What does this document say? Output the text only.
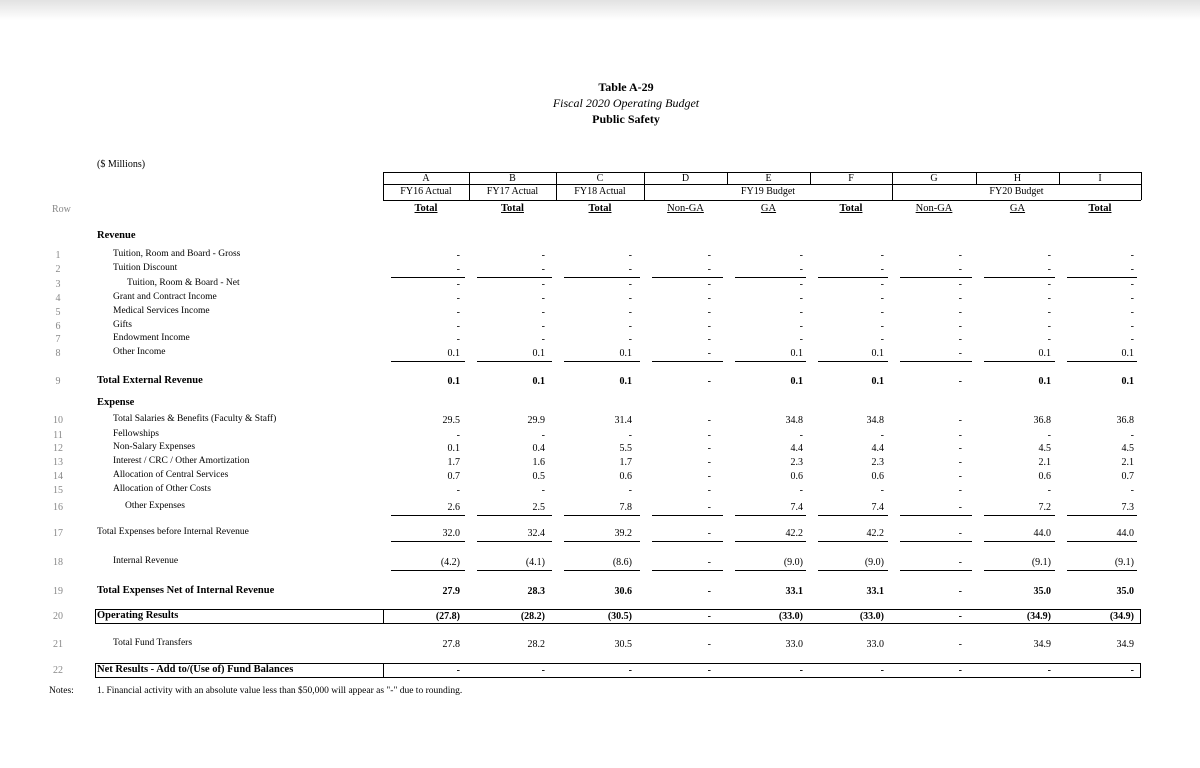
Table A-29
Fiscal 2020 Operating Budget
Public Safety
($ Millions)
Row
A	B	C	D	E	F	G	H	I
FY16 Actual	FY17 Actual	FY18 Actual	FY19 Budget	FY20 Budget
Total	Total	Total	Non-GA	GA	Total	Non-GA	GA	Total
Revenue
Expense
1	Tuition, Room and Board - Gross	-	-	-	-	-	-	-	-	-
2	Tuition Discount	-	-	-	-	-	-	-	-	-
3	Tuition, Room & Board - Net	-	-	-	-	-	-	-	-	-
4	Grant and Contract Income	-	-	-	-	-	-	-	-	-
5	Medical Services Income	-	-	-	-	-	-	-	-	-
6	Gifts	-	-	-	-	-	-	-	-	-
7	Endowment Income	-	-	-	-	-	-	-	-	-
8	Other Income	0.1	0.1	0.1	-	0.1	0.1	-	0.1	0.1
9	Total External Revenue	0.1	0.1	0.1	-	0.1	0.1	-	0.1	0.1
10	Total Salaries & Benefits (Faculty & Staff)	29.5	29.9	31.4	-	34.8	34.8	-	36.8	36.8
11	Fellowships	-	-	-	-	-	-	-	-	-
12	Non-Salary Expenses	0.1	0.4	5.5	-	4.4	4.4	-	4.5	4.5
13	Interest / CRC / Other Amortization	1.7	1.6	1.7	-	2.3	2.3	-	2.1	2.1
14	Allocation of Central Services	0.7	0.5	0.6	-	0.6	0.6	-	0.6	0.7
15	Allocation of Other Costs	-	-	-	-	-	-	-	-	-
16	Other Expenses	2.6	2.5	7.8	-	7.4	7.4	-	7.2	7.3
17	Total Expenses before Internal Revenue	32.0	32.4	39.2	-	42.2	42.2	-	44.0	44.0
18	Internal Revenue	(4.2)	(4.1)	(8.6)	-	(9.0)	(9.0)	-	(9.1)	(9.1)
19	Total Expenses Net of Internal Revenue	27.9	28.3	30.6	-	33.1	33.1	-	35.0	35.0
20	Operating Results	(27.8)	(28.2)	(30.5)	-	(33.0)	(33.0)	-	(34.9)	(34.9)
21	Total Fund Transfers	27.8	28.2	30.5	-	33.0	33.0	-	34.9	34.9
22	Net Results - Add to/(Use of) Fund Balances	-	-	-	-	-	-	-	-	-
Notes: 1. Financial activity with an absolute value less than $50,000 will appear as "-" due to rounding.
